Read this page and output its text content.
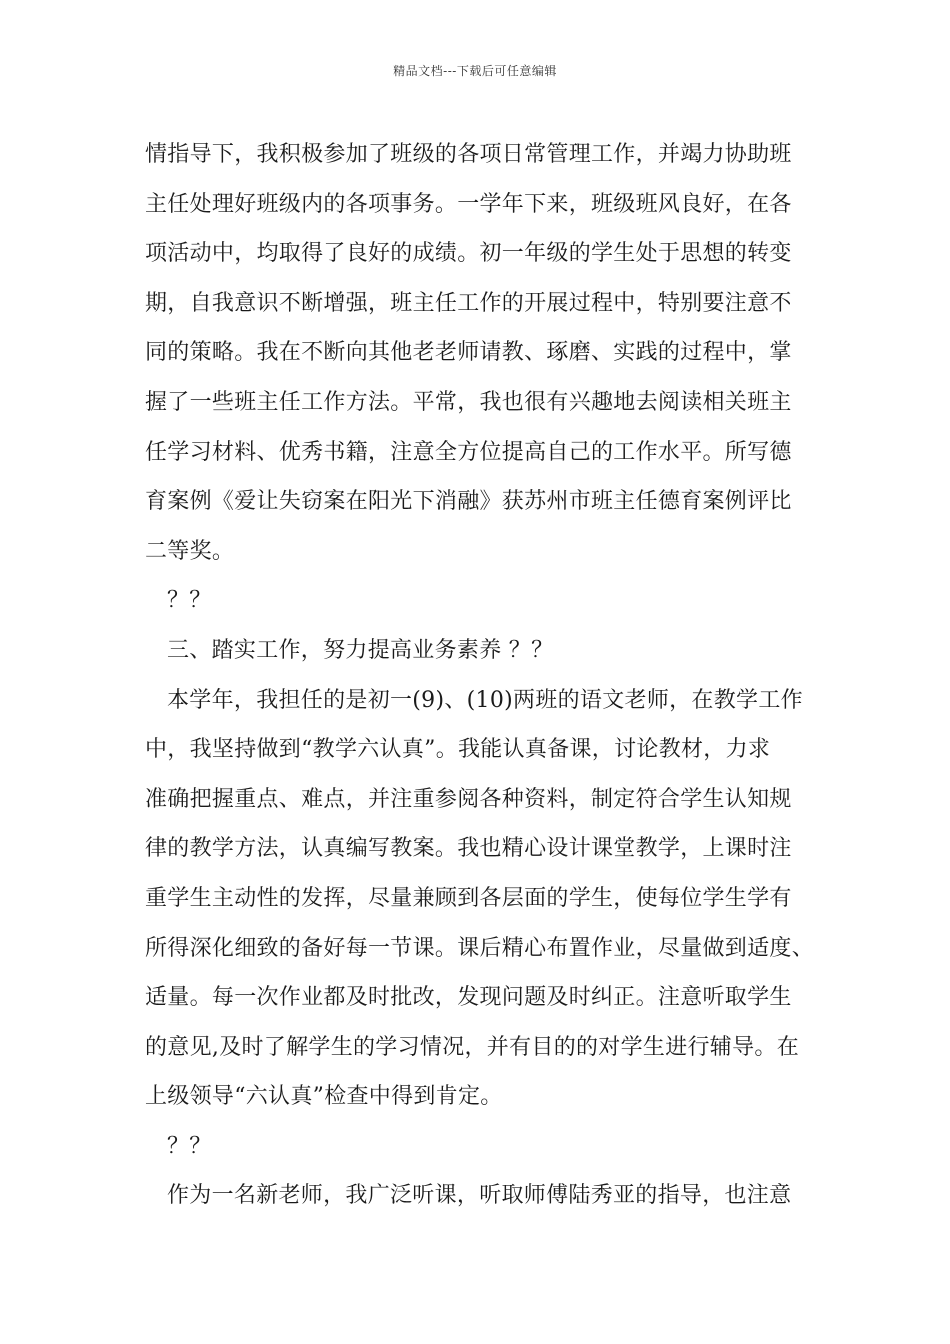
精品文档---下载后可任意编辑
情指导下，我积极参加了班级的各项日常管理工作，并竭力协助班
主任处理好班级内的各项事务。一学年下来，班级班风良好，在各
项活动中，均取得了良好的成绩。初一年级的学生处于思想的转变
期，自我意识不断增强，班主任工作的开展过程中，特别要注意不
同的策略。我在不断向其他老老师请教、琢磨、实践的过程中，掌
握了一些班主任工作方法。平常，我也很有兴趣地去阅读相关班主
任学习材料、优秀书籍，注意全方位提高自己的工作水平。所写德
育案例《爱让失窃案在阳光下消融》获苏州市班主任德育案例评比
二等奖。
？？
三、踏实工作，努力提高业务素养 ？？
本学年，我担任的是初一(9)、(10)两班的语文老师，在教学工作
中，我坚持做到“教学六认真”。我能认真备课，讨论教材，力求
准确把握重点、难点，并注重参阅各种资料，制定符合学生认知规
律的教学方法，认真编写教案。我也精心设计课堂教学，上课时注
重学生主动性的发挥，尽量兼顾到各层面的学生，使每位学生学有
所得深化细致的备好每一节课。课后精心布置作业，尽量做到适度、
适量。每一次作业都及时批改，发现问题及时纠正。注意听取学生
的意见,及时了解学生的学习情况，并有目的的对学生进行辅导。在
上级领导“六认真”检查中得到肯定。
？？
作为一名新老师，我广泛听课，听取师傅陆秀亚的指导，也注意
